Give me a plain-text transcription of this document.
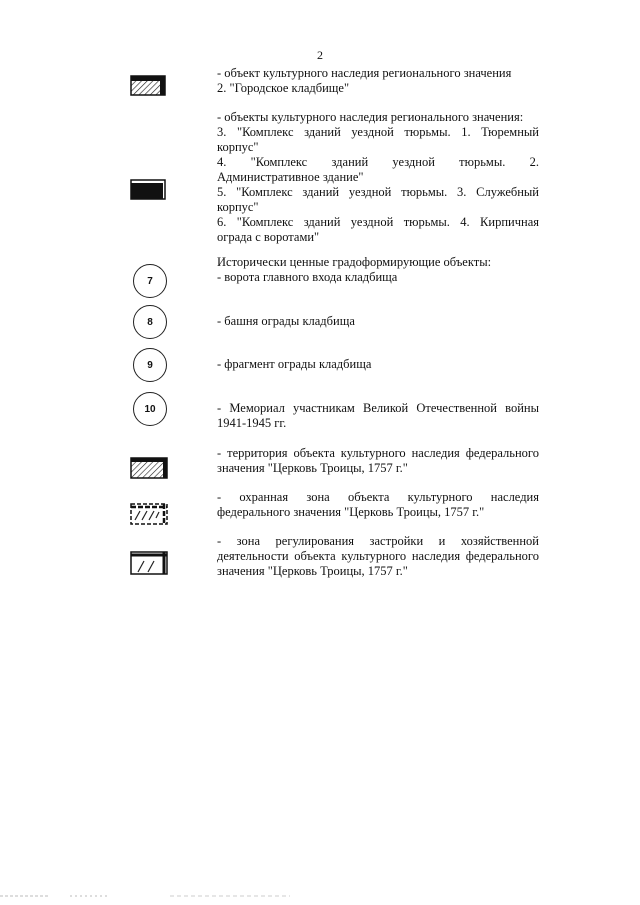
2
7
8
9
10
- объект культурного наследия регионального значения
2. "Городское кладбище"
- объекты культурного наследия регионального значения:
3. "Комплекс зданий уездной тюрьмы. 1. Тюремный
корпус"
4. "Комплекс зданий уездной тюрьмы. 2.
Административное здание"
5. "Комплекс зданий уездной тюрьмы. 3. Служебный
корпус"
6. "Комплекс зданий уездной тюрьмы. 4. Кирпичная
ограда с воротами"
Исторически ценные градоформирующие объекты:
- ворота главного входа кладбища
- башня ограды кладбища
- фрагмент ограды кладбища
- Мемориал участникам Великой Отечественной войны
1941-1945 гг.
- территория объекта культурного наследия федерального
значения "Церковь Троицы, 1757 г."
- охранная зона объекта культурного наследия
федерального значения "Церковь Троицы, 1757 г."
- зона регулирования застройки и хозяйственной
деятельности объекта культурного наследия федерального
значения "Церковь Троицы, 1757 г."
